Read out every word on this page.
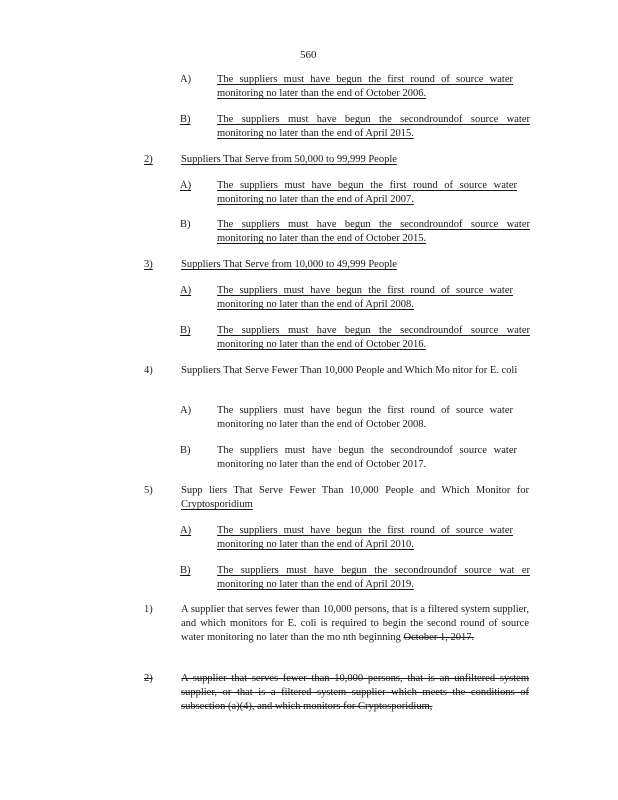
560
A) The suppliers must have begun the first round of source water monitoring no later than the end of October 2006.
B)	The suppliers must have begun the secondroundof source water monitoring no later than the end of April 2015.
2)	Suppliers That Serve from 50,000 to 99,999 People
A) The suppliers must have begun the first round of source water monitoring no later than the end of April 2007.
B)	The suppliers must have begun the secondroundof source water monitoring no later than the end of October 2015.
3)	Suppliers That Serve from 10,000 to 49,999 People
A) The suppliers must have begun the first round of source water monitoring no later than the end of April 2008.
B)	The suppliers must have begun the secondroundof source water monitoring no later than the end of October 2016.
4)	Suppliers That Serve Fewer Than 10,000 People and Which Mo nitor for E. coli
A) The suppliers must have begun the first round of source water monitoring no later than the end of October 2008.
B)	The suppliers must have begun the secondroundof source water monitoring no later than the end of October 2017.
5)	Supp liers That Serve Fewer Than 10,000 People and Which Monitor for Cryptosporidium
A) The suppliers must have begun the first round of source water monitoring no later than the end of April 2010.
B)	The suppliers must have begun the secondroundof source wat er monitoring no later than the end of April 2019.
1)	A supplier that serves fewer than 10,000 persons, that is a filtered system supplier, and which monitors for E. coli is required to begin the second round of source water monitoring no later than the mo nth beginning October 1, 2017.
2)	A supplier that serves fewer than 10,000 persons, that is an unfiltered system supplier, or that is a filtered system supplier which meets the conditions of subsection (a)(4), and which monitors for Cryptosporidium,
